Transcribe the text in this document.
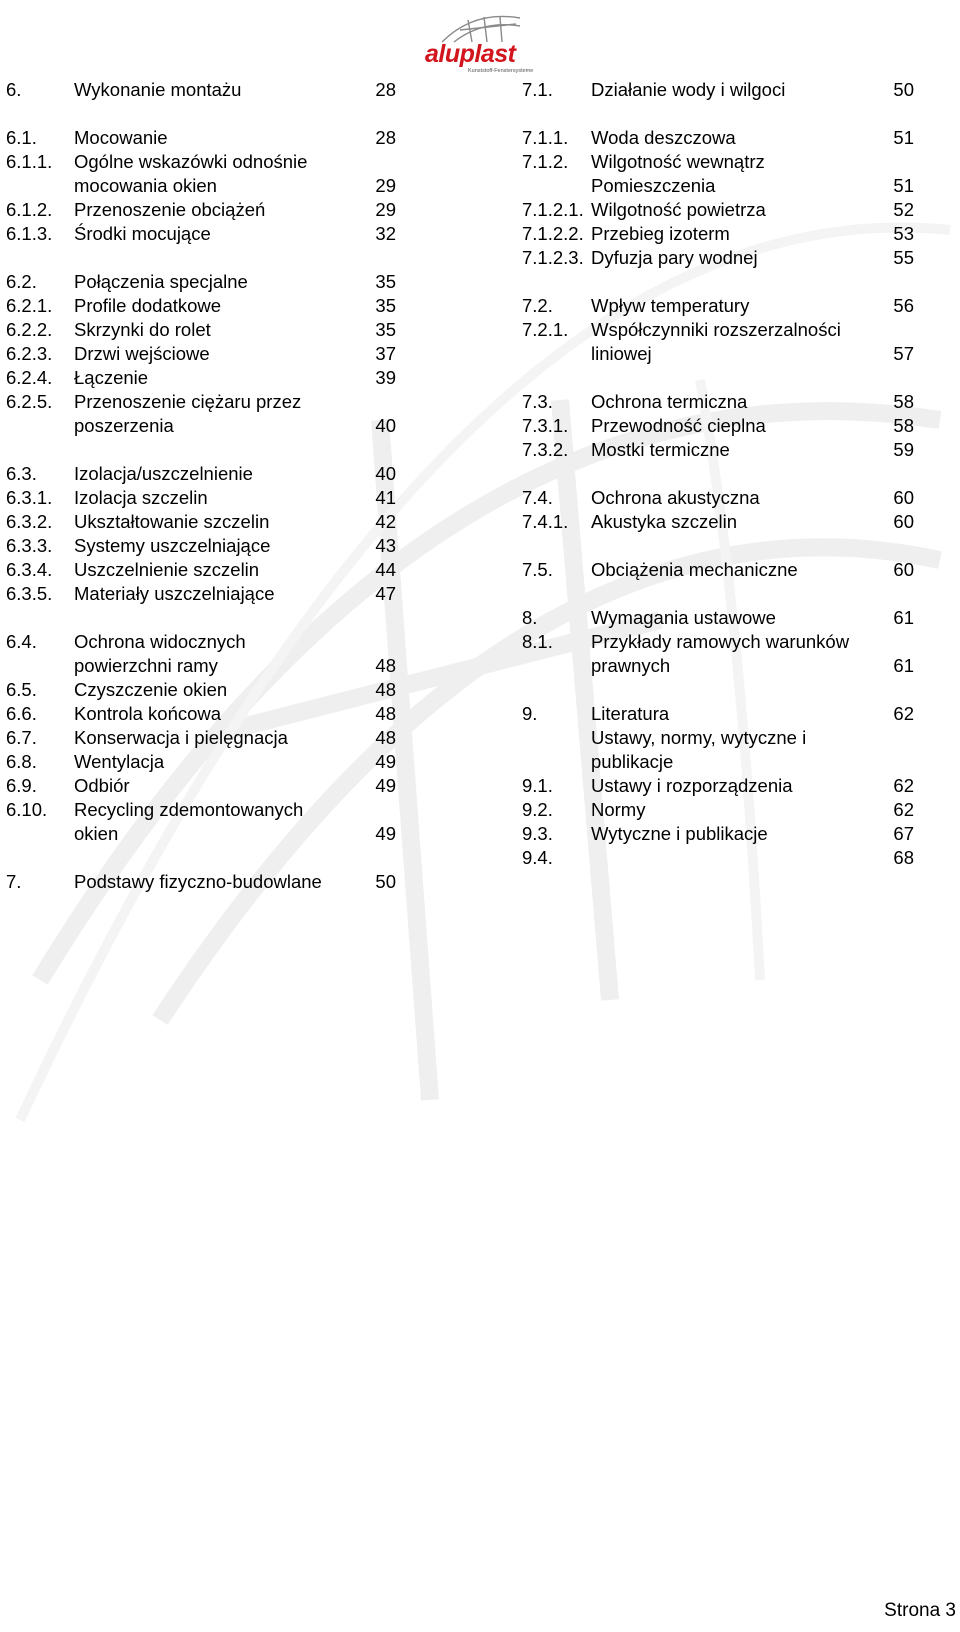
aluplast
Kunststoff-Fenstersysteme
6.	Wykonanie montażu	28
6.1. Mocowanie	28
6.1.1. Ogólne wskazówki odnośnie
mocowania okien	29
6.1.2. Przenoszenie obciążeń	29
6.1.3. Środki mocujące	32
6.2. Połączenia specjalne	35
6.2.1. Profile dodatkowe	35
6.2.2. Skrzynki do rolet	35
6.2.3. Drzwi wejściowe	37
6.2.4. Łączenie	39
6.2.5. Przenoszenie ciężaru przez
poszerzenia	40
6.3. Izolacja/uszczelnienie	40
6.3.1. Izolacja szczelin	41
6.3.2. Ukształtowanie szczelin	42
6.3.3. Systemy uszczelniające	43
6.3.4. Uszczelnienie szczelin	44
6.3.5. Materiały uszczelniające	47
6.4. Ochrona widocznych
powierzchni ramy	48
6.5. Czyszczenie okien	48
6.6. Kontrola końcowa	48
6.7. Konserwacja i pielęgnacja	48
6.8. Wentylacja	49
6.9. Odbiór	49
6.10. Recycling zdemontowanych
okien	49
7.	Podstawy fizyczno-budowlane	50
7.1. Działanie wody i wilgoci	50
7.1.1. Woda deszczowa	51
7.1.2. Wilgotność wewnątrz
Pomieszczenia	51
7.1.2.1. Wilgotność powietrza	52
7.1.2.2. Przebieg izoterm	53
7.1.2.3. Dyfuzja pary wodnej	55
7.2. Wpływ temperatury	56
7.2.1. Współczynniki rozszerzalności
liniowej	57
7.3. Ochrona termiczna	58
7.3.1. Przewodność cieplna	58
7.3.2. Mostki termiczne	59
7.4. Ochrona akustyczna	60
7.4.1. Akustyka szczelin	60
7.5. Obciążenia mechaniczne	60
8.	Wymagania ustawowe	61
8.1. Przykłady ramowych warunków
prawnych	61
9.	Literatura	62
Ustawy, normy, wytyczne i
publikacje
9.1. Ustawy i rozporządzenia	62
9.2. Normy	62
9.3. Wytyczne i publikacje	67
9.4.	68
Strona 3
